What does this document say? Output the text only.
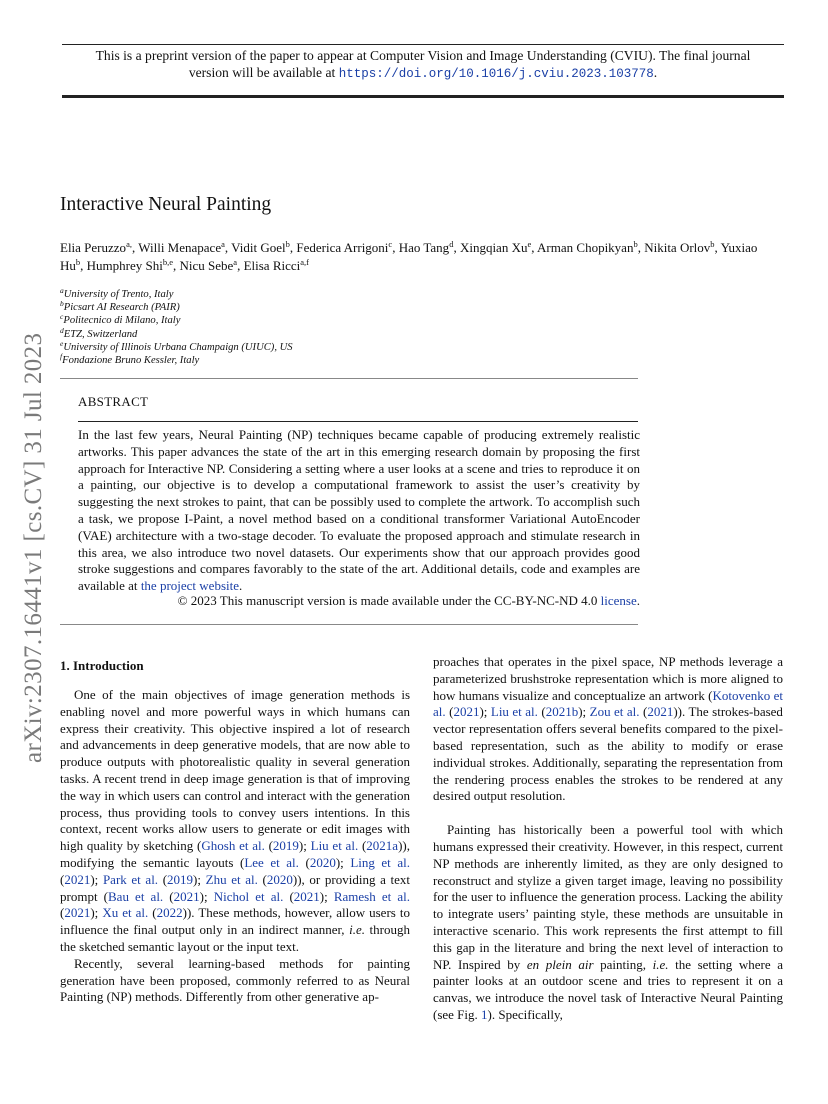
This is a preprint version of the paper to appear at Computer Vision and Image Understanding (CVIU). The final journal
version will be available at https://doi.org/10.1016/j.cviu.2023.103778.
arXiv:2307.16441v1 [cs.CV] 31 Jul 2023
Interactive Neural Painting
Elia Peruzzo$^{a,}$, Willi Menapace$^a$, Vidit Goel$^b$, Federica Arrigoni$^c$, Hao Tang$^d$, Xingqian Xu$^e$, Arman Chopikyan$^b$, Nikita Orlov$^b$, Yuxiao Hu$^b$, Humphrey Shi$^{b,e}$, Nicu Sebe$^a$, Elisa Ricci$^{a,f}$
$^a$University of Trento, Italy
$^b$Picsart AI Research (PAIR)
$^c$Politecnico di Milano, Italy
$^d$ETZ, Switzerland
$^e$University of Illinois Urbana Champaign (UIUC), US
$^f$Fondazione Bruno Kessler, Italy
ABSTRACT
In the last few years, Neural Painting (NP) techniques became capable of producing extremely realistic artworks. This paper advances the state of the art in this emerging research domain by proposing the first approach for Interactive NP. Considering a setting where a user looks at a scene and tries to reproduce it on a painting, our objective is to develop a computational framework to assist the user’s creativity by suggesting the next strokes to paint, that can be possibly used to complete the artwork. To accomplish such a task, we propose I-Paint, a novel method based on a conditional transformer Variational AutoEncoder (VAE) architecture with a two-stage decoder. To evaluate the proposed approach and stimulate research in this area, we also introduce two novel datasets. Our experiments show that our approach provides good stroke suggestions and compares favorably to the state of the art. Additional details, code and examples are available at the project website.
© 2023 This manuscript version is made available under the CC-BY-NC-ND 4.0 license.
1. Introduction

One of the main objectives of image generation methods is enabling novel and more powerful ways in which humans can express their creativity. This objective inspired a lot of research and advancements in deep generative models, that are now able to produce outputs with photorealistic quality in several generation tasks. A recent trend in deep image generation is that of improving the way in which users can control and interact with the generation process, thus providing tools to convey users intentions. In this context, recent works allow users to generate or edit images with high quality by sketching (Ghosh et al. (2019); Liu et al. (2021a)), modifying the semantic layouts (Lee et al. (2020); Ling et al. (2021); Park et al. (2019); Zhu et al. (2020)), or providing a text prompt (Bau et al. (2021); Nichol et al. (2021); Ramesh et al. (2021); Xu et al. (2022)). These methods, however, allow users to influence the final output only in an indirect manner, i.e. through the sketched semantic layout or the input text.

Recently, several learning-based methods for painting generation have been proposed, commonly referred to as Neural Painting (NP) methods. Differently from other generative ap-

proaches that operates in the pixel space, NP methods leverage a parameterized brushstroke representation which is more aligned to how humans visualize and conceptualize an artwork (Kotovenko et al. (2021); Liu et al. (2021b); Zou et al. (2021)). The strokes-based vector representation offers several benefits compared to the pixel-based representation, such as the ability to modify or erase individual strokes. Additionally, separating the representation from the rendering process enables the strokes to be rendered at any desired output resolution.

Painting has historically been a powerful tool with which humans expressed their creativity. However, in this respect, current NP methods are inherently limited, as they are only designed to reconstruct and stylize a given target image, leaving no possibility for the user to influence the generation process. Lacking the ability to integrate users’ painting style, these methods are unsuitable in interactive scenario. This work represents the first attempt to fill this gap in the literature and bring the next level of interaction to NP. Inspired by en plein air painting, i.e. the setting where a painter looks at an outdoor scene and tries to represent it on a canvas, we introduce the novel task of Interactive Neural Painting (see Fig. 1). Specifically,
